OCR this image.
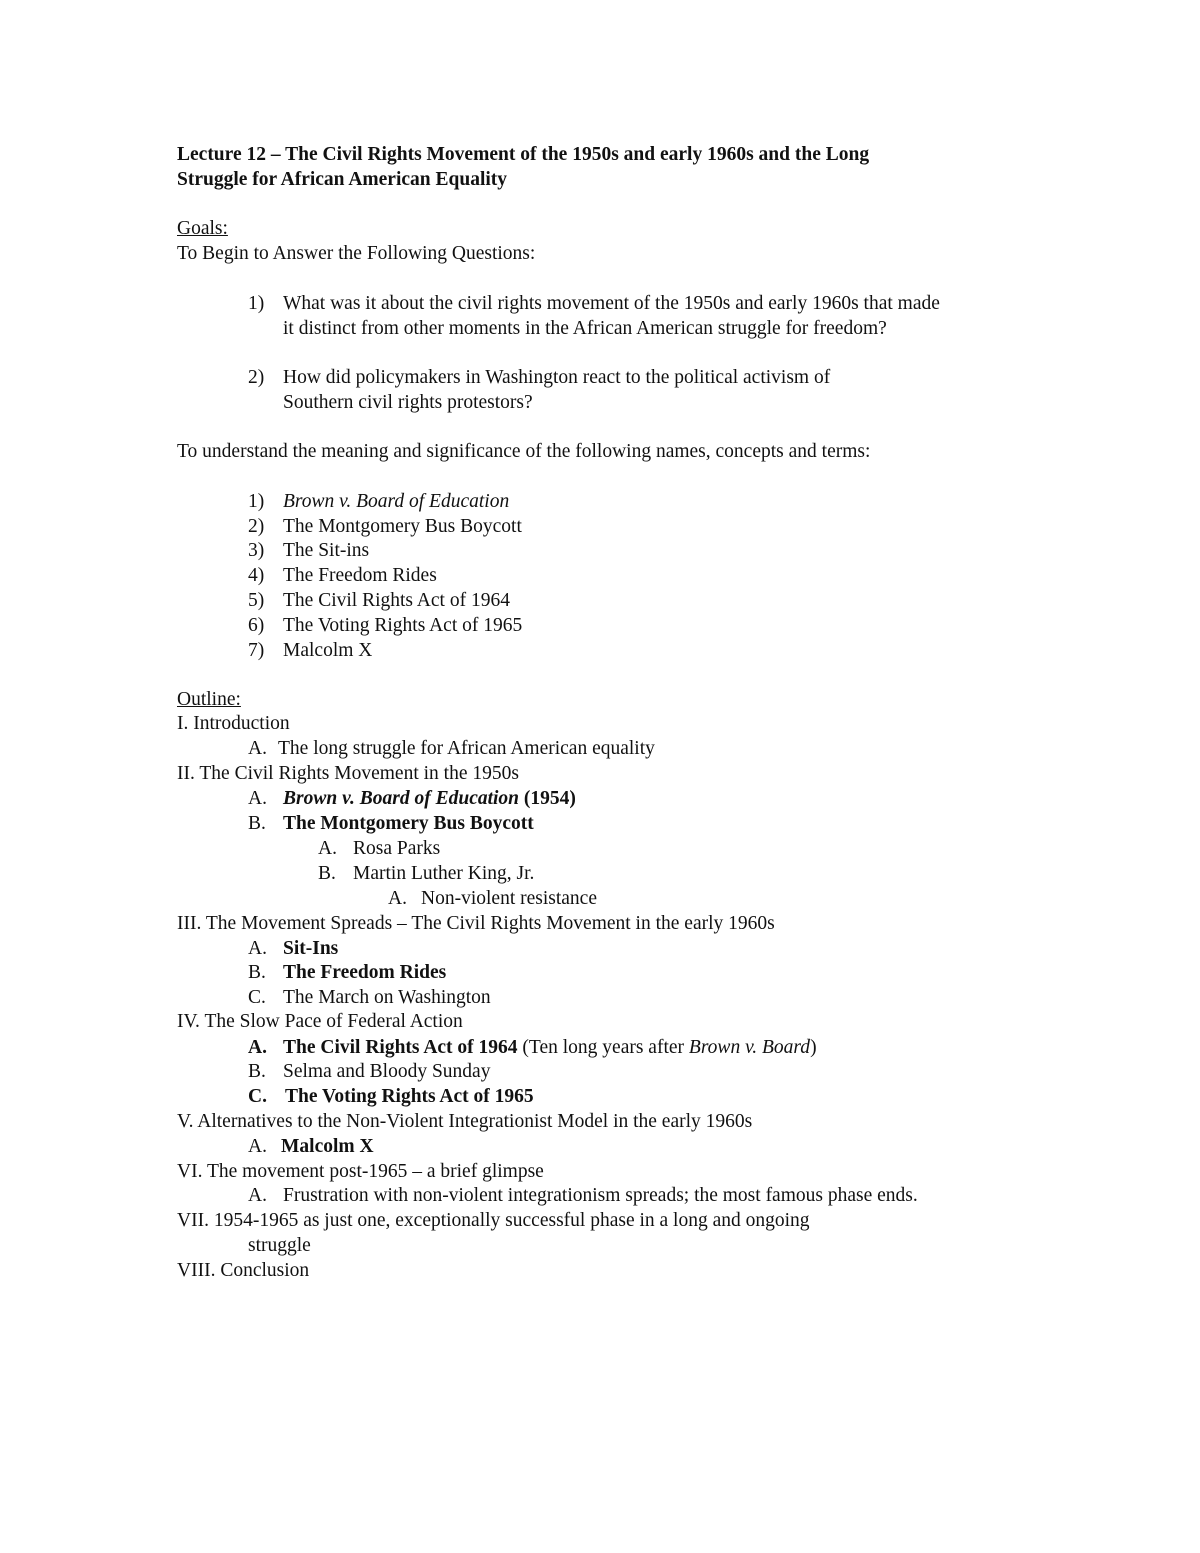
Lecture 12 – The Civil Rights Movement of the 1950s and early 1960s and the Long
Struggle for African American Equality
Goals:
To Begin to Answer the Following Questions:
1) What was it about the civil rights movement of the 1950s and early 1960s that made
it distinct from other moments in the African American struggle for freedom?
2) How did policymakers in Washington react to the political activism of
Southern civil rights protestors?
To understand the meaning and significance of the following names, concepts and terms:
1) Brown v. Board of Education
2) The Montgomery Bus Boycott
3) The Sit-ins
4) The Freedom Rides
5) The Civil Rights Act of 1964
6) The Voting Rights Act of 1965
7) Malcolm X
Outline:
I. Introduction
A. The long struggle for African American equality
II. The Civil Rights Movement in the 1950s
A. Brown v. Board of Education (1954)
B. The Montgomery Bus Boycott
A. Rosa Parks
B. Martin Luther King, Jr.
A. Non-violent resistance
III. The Movement Spreads – The Civil Rights Movement in the early 1960s
A. Sit-Ins
B. The Freedom Rides
C. The March on Washington
IV. The Slow Pace of Federal Action
A. The Civil Rights Act of 1964 (Ten long years after Brown v. Board)
B. Selma and Bloody Sunday
C. The Voting Rights Act of 1965
V. Alternatives to the Non-Violent Integrationist Model in the early 1960s
A. Malcolm X
VI. The movement post-1965 – a brief glimpse
A. Frustration with non-violent integrationism spreads; the most famous phase ends.
VII. 1954-1965 as just one, exceptionally successful phase in a long and ongoing
struggle
VIII. Conclusion
